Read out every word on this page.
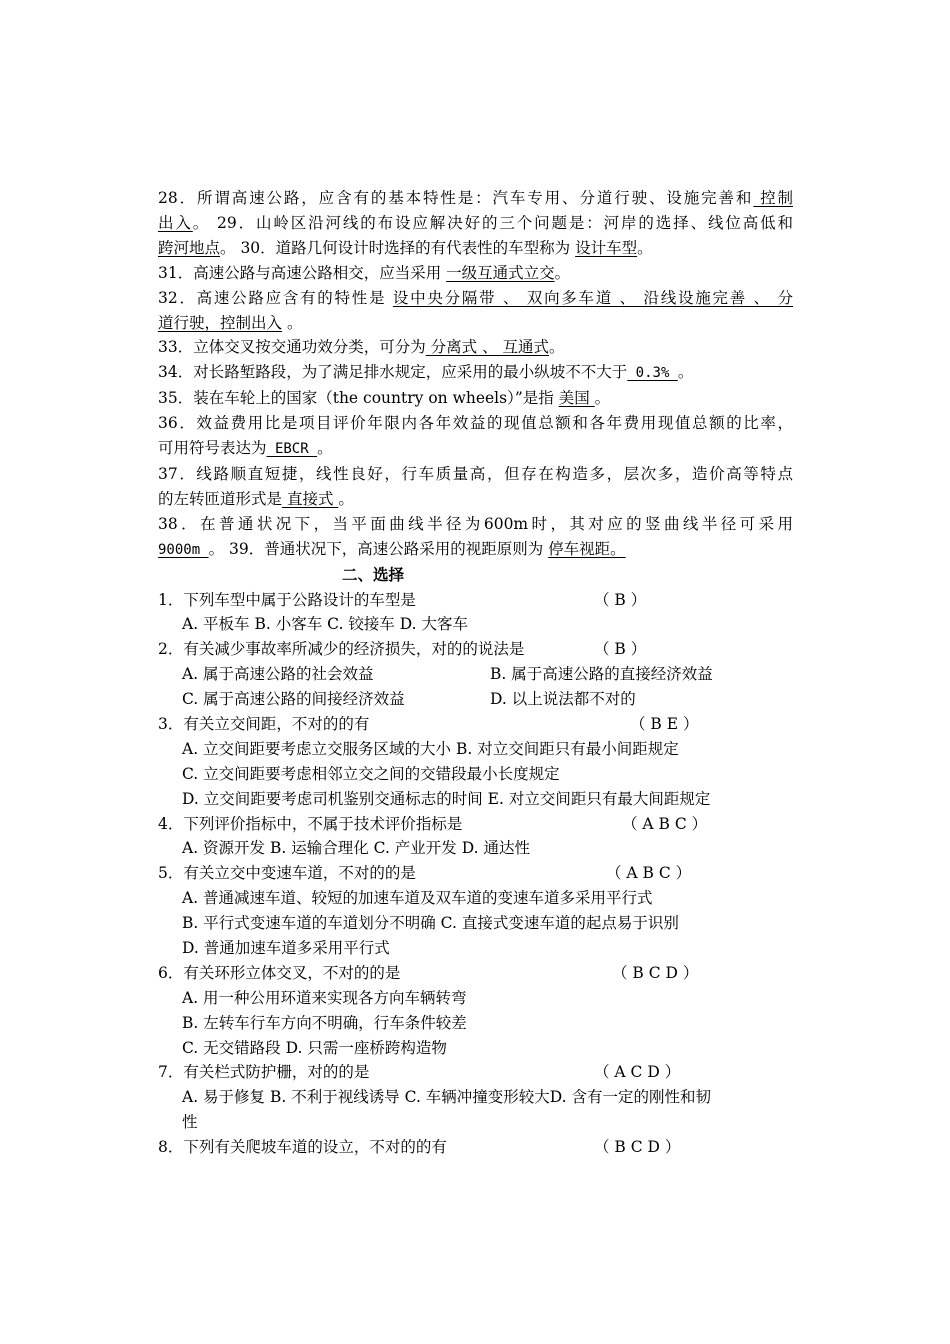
28．所谓高速公路，应含有的基本特性是：汽车专用、分道行驶、设施完善和 控制
出入。 29．山岭区沿河线的布设应解决好的三个问题是：河岸的选择、线位高低和
跨河地点。 30．道路几何设计时选择的有代表性的车型称为 设计车型。
31．高速公路与高速公路相交，应当采用 一级互通式立交。
32．高速公路应含有的特性是 设中央分隔带 、 双向多车道 、 沿线设施完善 、 分
道行驶，控制出入 。
33．立体交叉按交通功效分类，可分为 分离式 、 互通式。
34．对长路堑路段，为了满足排水规定，应采用的最小纵坡不不大于 0.3% 。
35．装在车轮上的国家（the country on wheels）”是指 美国 。
36．效益费用比是项目评价年限内各年效益的现值总额和各年费用现值总额的比率，
可用符号表达为 EBCR 。
37．线路顺直短捷，线性良好，行车质量高，但存在构造多，层次多，造价高等特点
的左转匝道形式是 直接式 。
38．在普通状况下，当平面曲线半径为600m时，其对应的竖曲线半径可采用
9000m 。 39．普通状况下，高速公路采用的视距原则为 停车视距。
二、选择
1．下列车型中属于公路设计的车型是	（ B ）
A. 平板车 B. 小客车 C. 铰接车 D. 大客车
2．有关减少事故率所减少的经济损失，对的的说法是	（ B ）
A. 属于高速公路的社会效益	B. 属于高速公路的直接经济效益
C. 属于高速公路的间接经济效益	D. 以上说法都不对的
3．有关立交间距，不对的的有	（ B E ）
A. 立交间距要考虑立交服务区域的大小 B. 对立交间距只有最小间距规定
C. 立交间距要考虑相邻立交之间的交错段最小长度规定
D. 立交间距要考虑司机鉴别交通标志的时间 E. 对立交间距只有最大间距规定
4．下列评价指标中，不属于技术评价指标是	（ A B C ）
A. 资源开发 B. 运输合理化 C. 产业开发 D. 通达性
5．有关立交中变速车道，不对的的是	（ A B C ）
A. 普通减速车道、较短的加速车道及双车道的变速车道多采用平行式
B. 平行式变速车道的车道划分不明确 C. 直接式变速车道的起点易于识别
D. 普通加速车道多采用平行式
6．有关环形立体交叉，不对的的是	（ B C D ）
A. 用一种公用环道来实现各方向车辆转弯
B. 左转车行车方向不明确，行车条件较差
C. 无交错路段 D. 只需一座桥跨构造物
7．有关栏式防护栅，对的的是	（ A C D ）
A. 易于修复 B. 不利于视线诱导 C. 车辆冲撞变形较大D. 含有一定的刚性和韧
性
8．下列有关爬坡车道的设立，不对的的有	（ B C D ）
